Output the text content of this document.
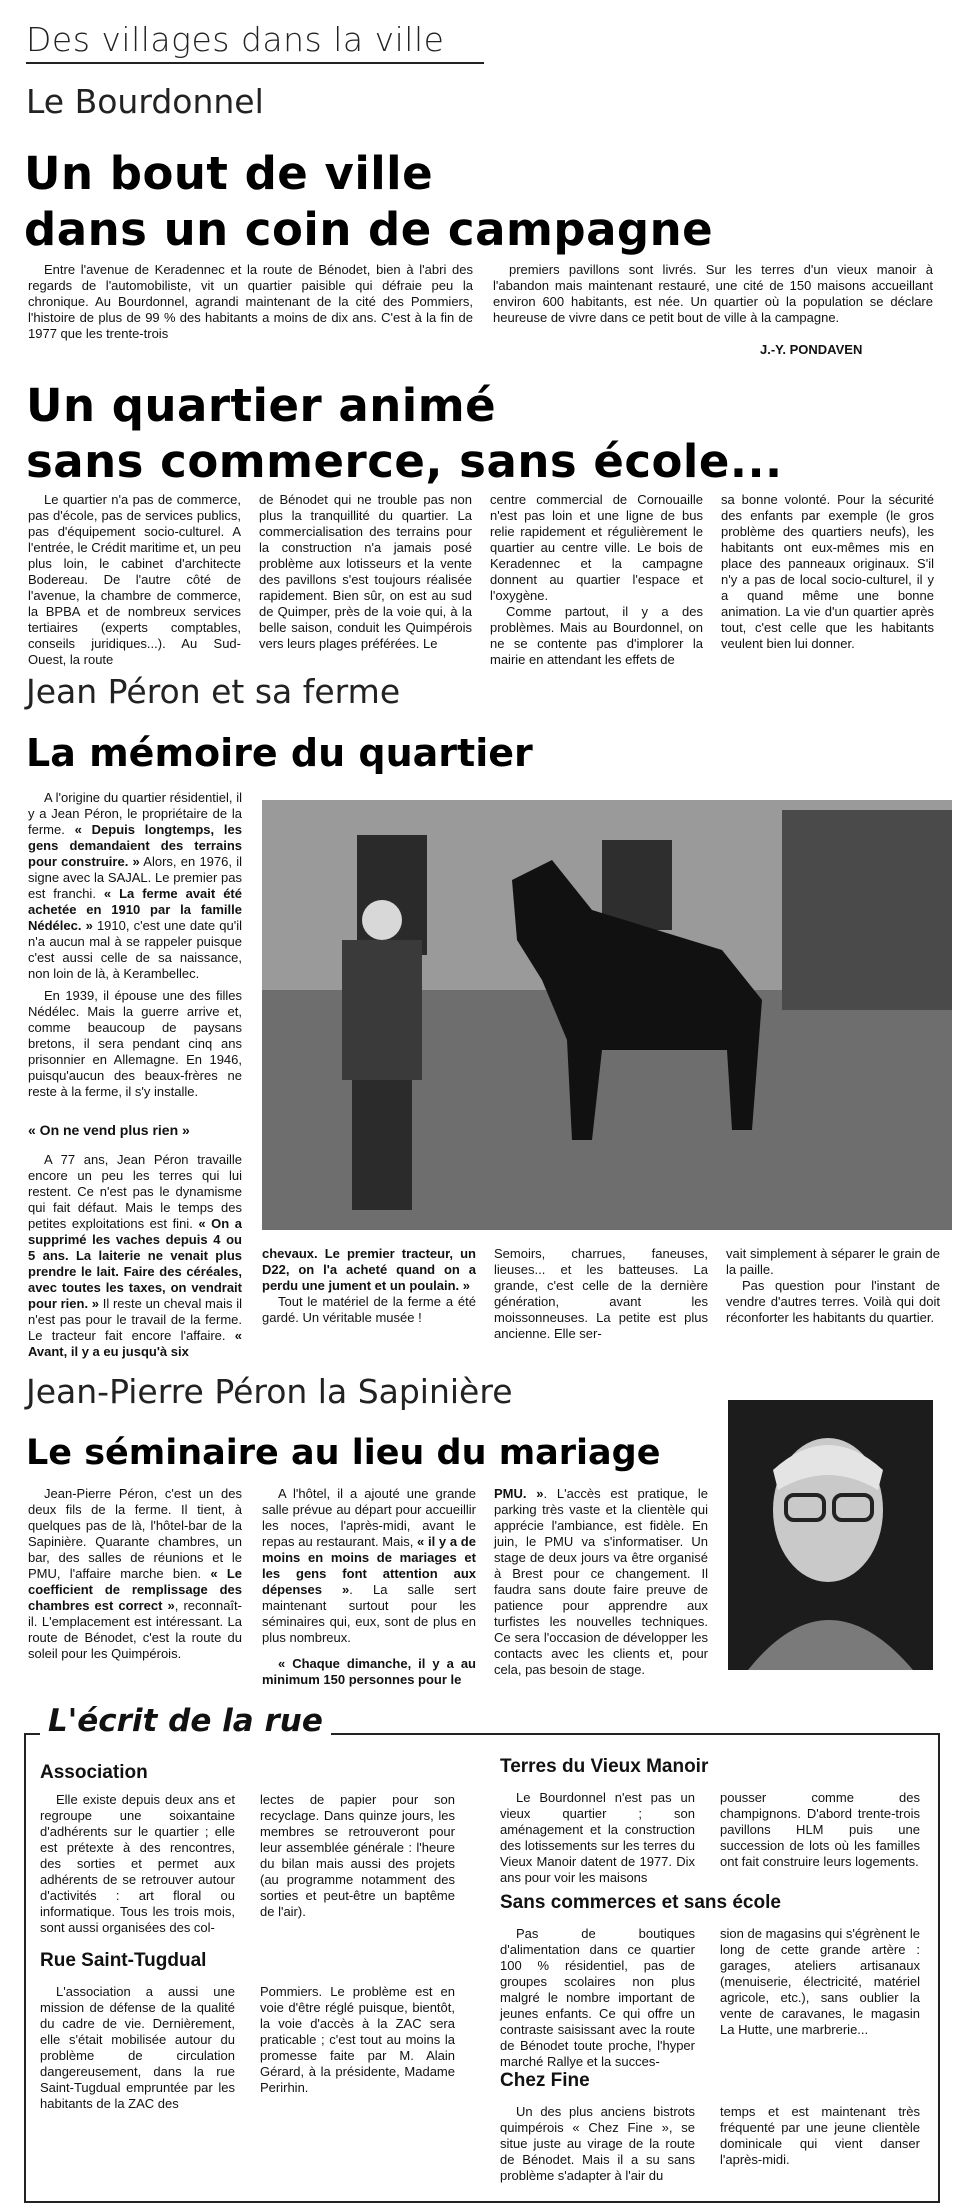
Des villages dans la ville
Le Bourdonnel
Un bout de ville
dans un coin de campagne

Entre l'avenue de Keradennec et la route de Bénodet, bien à l'abri des regards de l'automobiliste, vit un quartier paisible qui défraie peu la chronique. Au Bourdonnel, agrandi maintenant de la cité des Pommiers, l'histoire de plus de 99 % des habitants a moins de dix ans. C'est à la fin de 1977 que les trente-trois

premiers pavillons sont livrés. Sur les terres d'un vieux manoir à l'abandon mais maintenant restauré, une cité de 150 maisons accueillant environ 600 habitants, est née. Un quartier où la population se déclare heureuse de vivre dans ce petit bout de ville à la campagne.

J.-Y. PONDAVEN
Un quartier animé
sans commerce, sans école...

Le quartier n'a pas de commerce, pas d'école, pas de services publics, pas d'équipement socio-culturel. A l'entrée, le Crédit maritime et, un peu plus loin, le cabinet d'architecte Bodereau. De l'autre côté de l'avenue, la chambre de commerce, la BPBA et de nombreux services tertiaires (experts comptables, conseils juridiques...). Au Sud-Ouest, la route

de Bénodet qui ne trouble pas non plus la tranquillité du quartier. La commercialisation des terrains pour la construction n'a jamais posé problème aux lotisseurs et la vente des pavillons s'est toujours réalisée rapidement. Bien sûr, on est au sud de Quimper, près de la voie qui, à la belle saison, conduit les Quimpérois vers leurs plages préférées. Le

centre commercial de Cornouaille n'est pas loin et une ligne de bus relie rapidement et régulièrement le quartier au centre ville. Le bois de Keradennec et la campagne donnent au quartier l'espace et l'oxygène.

Comme partout, il y a des problèmes. Mais au Bourdonnel, on ne se contente pas d'implorer la mairie en attendant les effets de

sa bonne volonté. Pour la sécurité des enfants par exemple (le gros problème des quartiers neufs), les habitants ont eux-mêmes mis en place des panneaux originaux. S'il n'y a pas de local socio-culturel, il y a quand même une bonne animation. La vie d'un quartier après tout, c'est celle que les habitants veulent bien lui donner.

Jean Péron et sa ferme
La mémoire du quartier

A l'origine du quartier résidentiel, il y a Jean Péron, le propriétaire de la ferme. « Depuis longtemps, les gens demandaient des terrains pour construire. » Alors, en 1976, il signe avec la SAJAL. Le premier pas est franchi. « La ferme avait été achetée en 1910 par la famille Nédélec. » 1910, c'est une date qu'il n'a aucun mal à se rappeler puisque c'est aussi celle de sa naissance, non loin de là, à Kerambellec.

En 1939, il épouse une des filles Nédélec. Mais la guerre arrive et, comme beaucoup de paysans bretons, il sera pendant cinq ans prisonnier en Allemagne. En 1946, puisqu'aucun des beaux-frères ne reste à la ferme, il s'y installe.

« On ne vend plus rien »

A 77 ans, Jean Péron travaille encore un peu les terres qui lui restent. Ce n'est pas le dynamisme qui fait défaut. Mais le temps des petites exploitations est fini. « On a supprimé les vaches depuis 4 ou 5 ans. La laiterie ne venait plus prendre le lait. Faire des céréales, avec toutes les taxes, on vendrait pour rien. » Il reste un cheval mais il n'est pas pour le travail de la ferme. Le tracteur fait encore l'affaire. « Avant, il y a eu jusqu'à six

chevaux. Le premier tracteur, un D22, on l'a acheté quand on a perdu une jument et un poulain. »

Tout le matériel de la ferme a été gardé. Un véritable musée !

Semoirs, charrues, faneuses, lieuses... et les batteuses. La grande, c'est celle de la dernière génération, avant les moissonneuses. La petite est plus ancienne. Elle ser-

vait simplement à séparer le grain de la paille.

Pas question pour l'instant de vendre d'autres terres. Voilà qui doit réconforter les habitants du quartier.

Jean-Pierre Péron la Sapinière
Le séminaire au lieu du mariage

Jean-Pierre Péron, c'est un des deux fils de la ferme. Il tient, à quelques pas de là, l'hôtel-bar de la Sapinière. Quarante chambres, un bar, des salles de réunions et le PMU, l'affaire marche bien. « Le coefficient de remplissage des chambres est correct », reconnaît-il. L'emplacement est intéressant. La route de Bénodet, c'est la route du soleil pour les Quimpérois.

A l'hôtel, il a ajouté une grande salle prévue au départ pour accueillir les noces, l'après-midi, avant le repas au restaurant. Mais, « il y a de moins en moins de mariages et les gens font attention aux dépenses ». La salle sert maintenant surtout pour les séminaires qui, eux, sont de plus en plus nombreux.

« Chaque dimanche, il y a au minimum 150 personnes pour le

PMU. ». L'accès est pratique, le parking très vaste et la clientèle qui apprécie l'ambiance, est fidèle. En juin, le PMU va s'informatiser. Un stage de deux jours va être organisé à Brest pour ce changement. Il faudra sans doute faire preuve de patience pour apprendre aux turfistes les nouvelles techniques. Ce sera l'occasion de développer les contacts avec les clients et, pour cela, pas besoin de stage.

L'écrit de la rue
Association

Elle existe depuis deux ans et regroupe une soixantaine d'adhérents sur le quartier ; elle est prétexte à des rencontres, des sorties et permet aux adhérents de se retrouver autour d'activités : art floral ou informatique. Tous les trois mois, sont aussi organisées des col-

lectes de papier pour son recyclage. Dans quinze jours, les membres se retrouveront pour leur assemblée générale : l'heure du bilan mais aussi des projets (au programme notamment des sorties et peut-être un baptême de l'air).

Rue Saint-Tugdual

L'association a aussi une mission de défense de la qualité du cadre de vie. Dernièrement, elle s'était mobilisée autour du problème de circulation dangereusement, dans la rue Saint-Tugdual empruntée par les habitants de la ZAC des

Pommiers. Le problème est en voie d'être réglé puisque, bientôt, la voie d'accès à la ZAC sera praticable ; c'est tout au moins la promesse faite par M. Alain Gérard, à la présidente, Madame Perirhin.

Terres du Vieux Manoir

Le Bourdonnel n'est pas un vieux quartier ; son aménagement et la construction des lotissements sur les terres du Vieux Manoir datent de 1977. Dix ans pour voir les maisons

pousser comme des champignons. D'abord trente-trois pavillons HLM puis une succession de lots où les familles ont fait construire leurs logements.

Sans commerces et sans école

Pas de boutiques d'alimentation dans ce quartier 100 % résidentiel, pas de groupes scolaires non plus malgré le nombre important de jeunes enfants. Ce qui offre un contraste saisissant avec la route de Bénodet toute proche, l'hyper marché Rallye et la succes-

sion de magasins qui s'égrènent le long de cette grande artère : garages, ateliers artisanaux (menuiserie, électricité, matériel agricole, etc.), sans oublier la vente de caravanes, le magasin La Hutte, une marbrerie...

Chez Fine

Un des plus anciens bistrots quimpérois « Chez Fine », se situe juste au virage de la route de Bénodet. Mais il a su sans problème s'adapter à l'air du

temps et est maintenant très fréquenté par une jeune clientèle dominicale qui vient danser l'après-midi.
